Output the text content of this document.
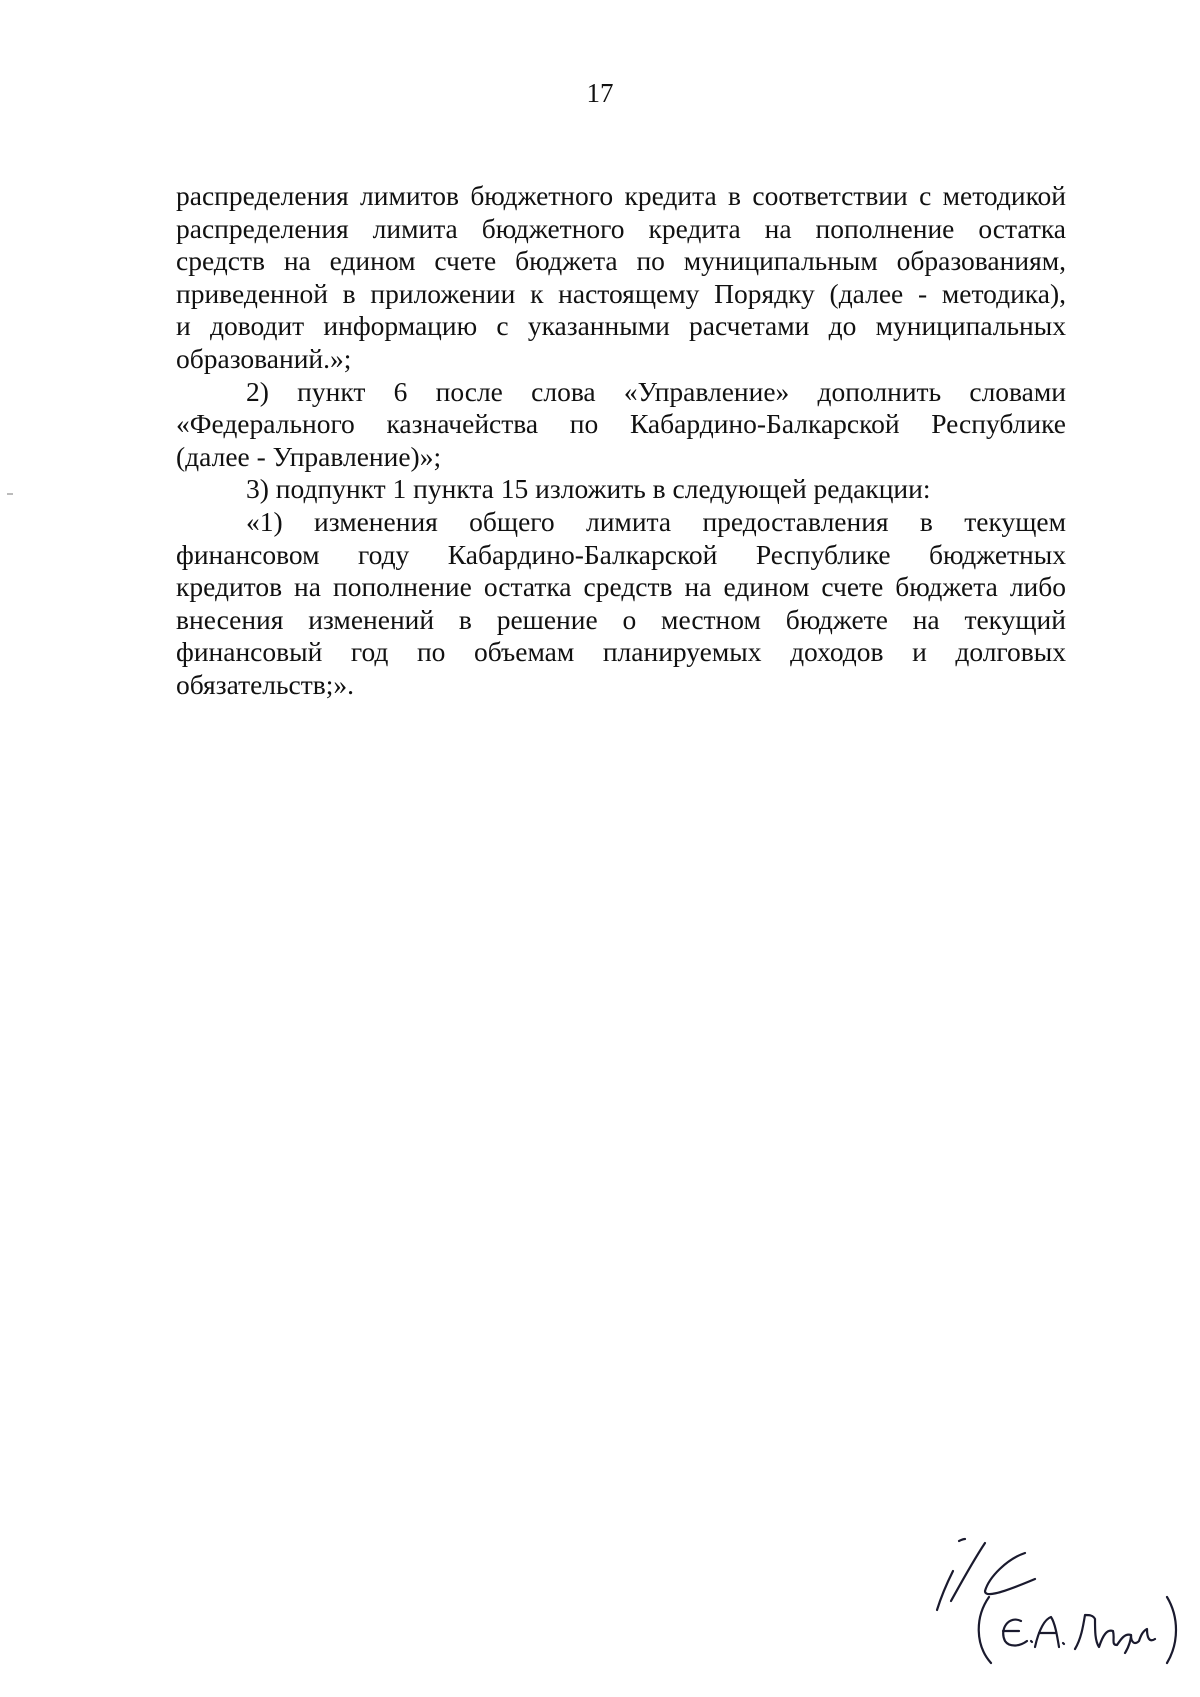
17

распределения лимитов бюджетного кредита в соответствии с методикой
распределения лимита бюджетного кредита на пополнение остатка
средств на едином счете бюджета по муниципальным образованиям,
приведенной в приложении к настоящему Порядку (далее - методика),
и доводит информацию с указанными расчетами до муниципальных
образований.»;

2) пункт 6 после слова «Управление» дополнить словами
«Федерального казначейства по Кабардино-Балкарской Республике
(далее - Управление)»;

3) подпункт 1 пункта 15 изложить в следующей редакции:

«1) изменения общего лимита предоставления в текущем
финансовом году Кабардино-Балкарской Республике бюджетных
кредитов на пополнение остатка средств на едином счете бюджета либо
внесения изменений в решение о местном бюджете на текущий
финансовый год по объемам планируемых доходов и долговых
обязательств;».
